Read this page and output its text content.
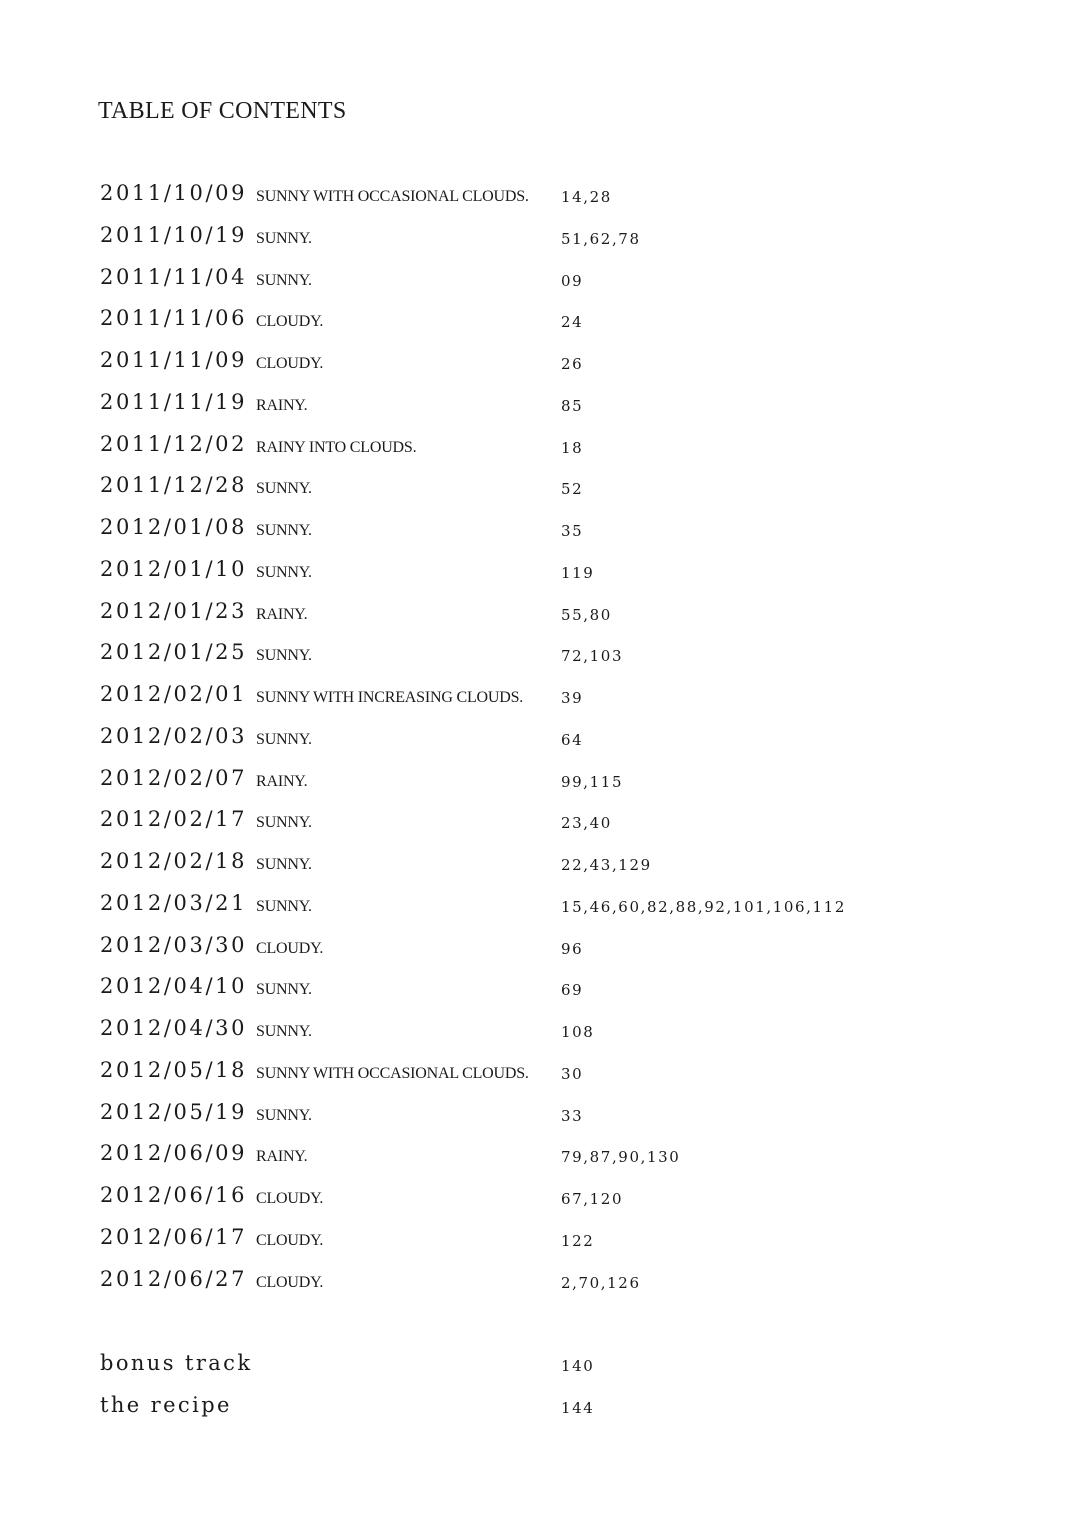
TABLE OF CONTENTS
2011/10/09 SUNNY WITH OCCASIONAL CLOUDS. 14,28
2011/10/19 SUNNY.	51,62,78
2011/11/04 SUNNY.	09
2011/11/06 CLOUDY.	24
2011/11/09 CLOUDY.	26
2011/11/19 RAINY.	85
2011/12/02 RAINY INTO CLOUDS.	18
2011/12/28 SUNNY.	52
2012/01/08 SUNNY.	35
2012/01/10 SUNNY.	119
2012/01/23 RAINY.	55,80
2012/01/25 SUNNY.	72,103
2012/02/01 SUNNY WITH INCREASING CLOUDS.	39
2012/02/03 SUNNY.	64
2012/02/07 RAINY.	99,115
2012/02/17 SUNNY.	23,40
2012/02/18 SUNNY.	22,43,129
2012/03/21 SUNNY.	15,46,60,82,88,92,101,106,112
2012/03/30 CLOUDY.	96
2012/04/10 SUNNY.	69
2012/04/30 SUNNY.	108
2012/05/18 SUNNY WITH OCCASIONAL CLOUDS. 30
2012/05/19 SUNNY.	33
2012/06/09 RAINY.	79,87,90,130
2012/06/16 CLOUDY.	67,120
2012/06/17 CLOUDY.	122
2012/06/27 CLOUDY.	2,70,126
bonus track	140
the recipe	144
